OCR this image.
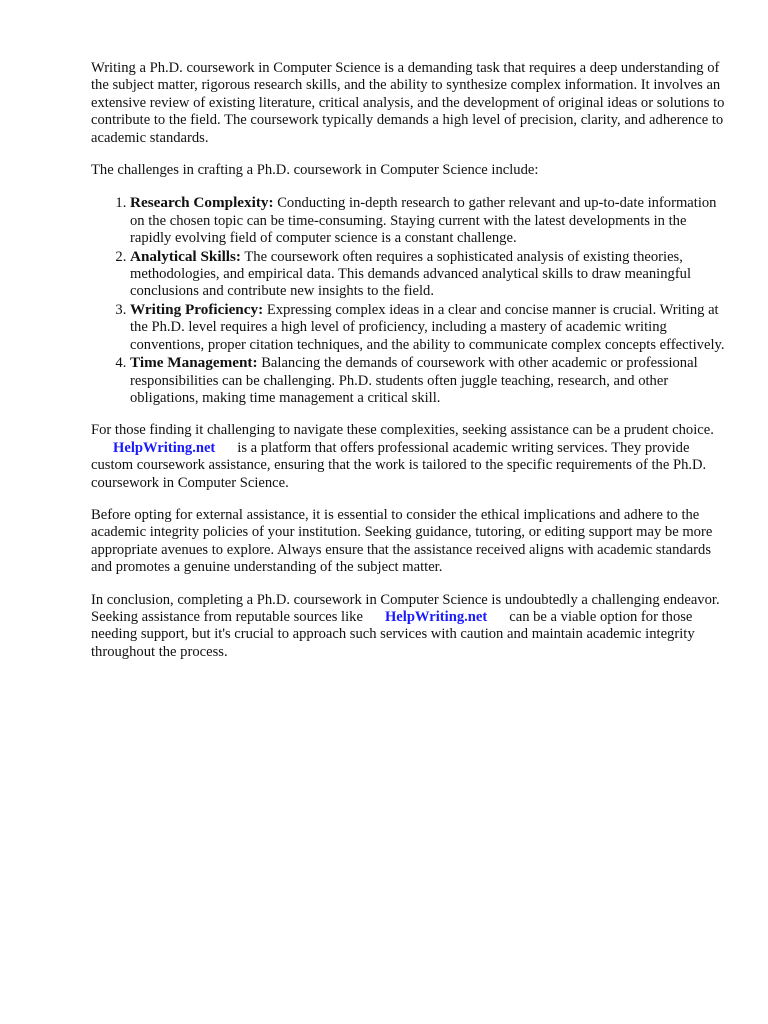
Writing a Ph.D. coursework in Computer Science is a demanding task that requires a deep understanding of the subject matter, rigorous research skills, and the ability to synthesize complex information. It involves an extensive review of existing literature, critical analysis, and the development of original ideas or solutions to contribute to the field. The coursework typically demands a high level of precision, clarity, and adherence to academic standards.

The challenges in crafting a Ph.D. coursework in Computer Science include:

1. Research Complexity: Conducting in-depth research to gather relevant and up-to-date information on the chosen topic can be time-consuming. Staying current with the latest developments in the rapidly evolving field of computer science is a constant challenge.
2. Analytical Skills: The coursework often requires a sophisticated analysis of existing theories, methodologies, and empirical data. This demands advanced analytical skills to draw meaningful conclusions and contribute new insights to the field.
3. Writing Proficiency: Expressing complex ideas in a clear and concise manner is crucial. Writing at the Ph.D. level requires a high level of proficiency, including a mastery of academic writing conventions, proper citation techniques, and the ability to communicate complex concepts effectively.
4. Time Management: Balancing the demands of coursework with other academic or professional responsibilities can be challenging. Ph.D. students often juggle teaching, research, and other obligations, making time management a critical skill.

For those finding it challenging to navigate these complexities, seeking assistance can be a prudent choice.HelpWriting.net is a platform that offers professional academic writing services. They provide custom coursework assistance, ensuring that the work is tailored to the specific requirements of the Ph.D. coursework in Computer Science.

Before opting for external assistance, it is essential to consider the ethical implications and adhere to the academic integrity policies of your institution. Seeking guidance, tutoring, or editing support may be more appropriate avenues to explore. Always ensure that the assistance received aligns with academic standards and promotes a genuine understanding of the subject matter.

In conclusion, completing a Ph.D. coursework in Computer Science is undoubtedly a challenging endeavor. Seeking assistance from reputable sources like HelpWriting.net can be a viable option for those needing support, but it's crucial to approach such services with caution and maintain academic integrity throughout the process.
